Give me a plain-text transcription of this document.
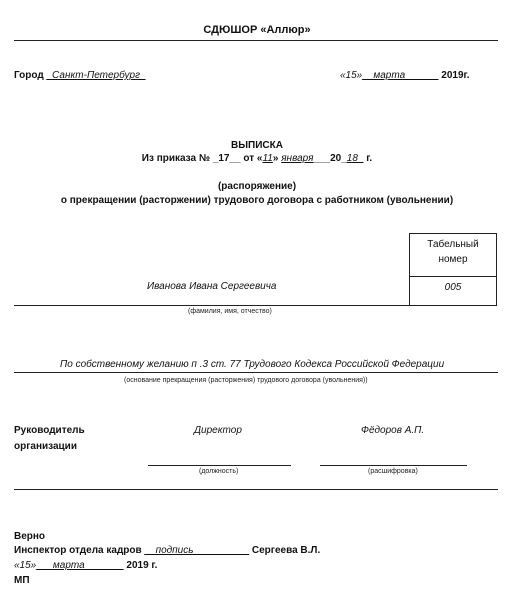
СДЮШОР «Аллюр»
Город _Санкт-Петербург_	«15»__марта______ 2019г.
ВЫПИСКА
Из приказа № _17__ от «11» января___20_18_ г.
(распоряжение)
о прекращении (расторжении) трудового договора с работником (увольнении)
Табельный
номер
005
Иванова Ивана Сергеевича
(фамилия, имя, отчество)
По собственному желанию п .3 ст. 77 Трудового Кодекса Российской Федерации
(основание прекращения (расторжения) трудового договора (увольнения))
Руководитель
организации
Директор	Фёдоров А.П.
(должность)	(расшифровка)
Верно
Инспектор отдела кадров __подпись__________ Сергеева В.Л.
«15»___марта_______ 2019 г.
МП
